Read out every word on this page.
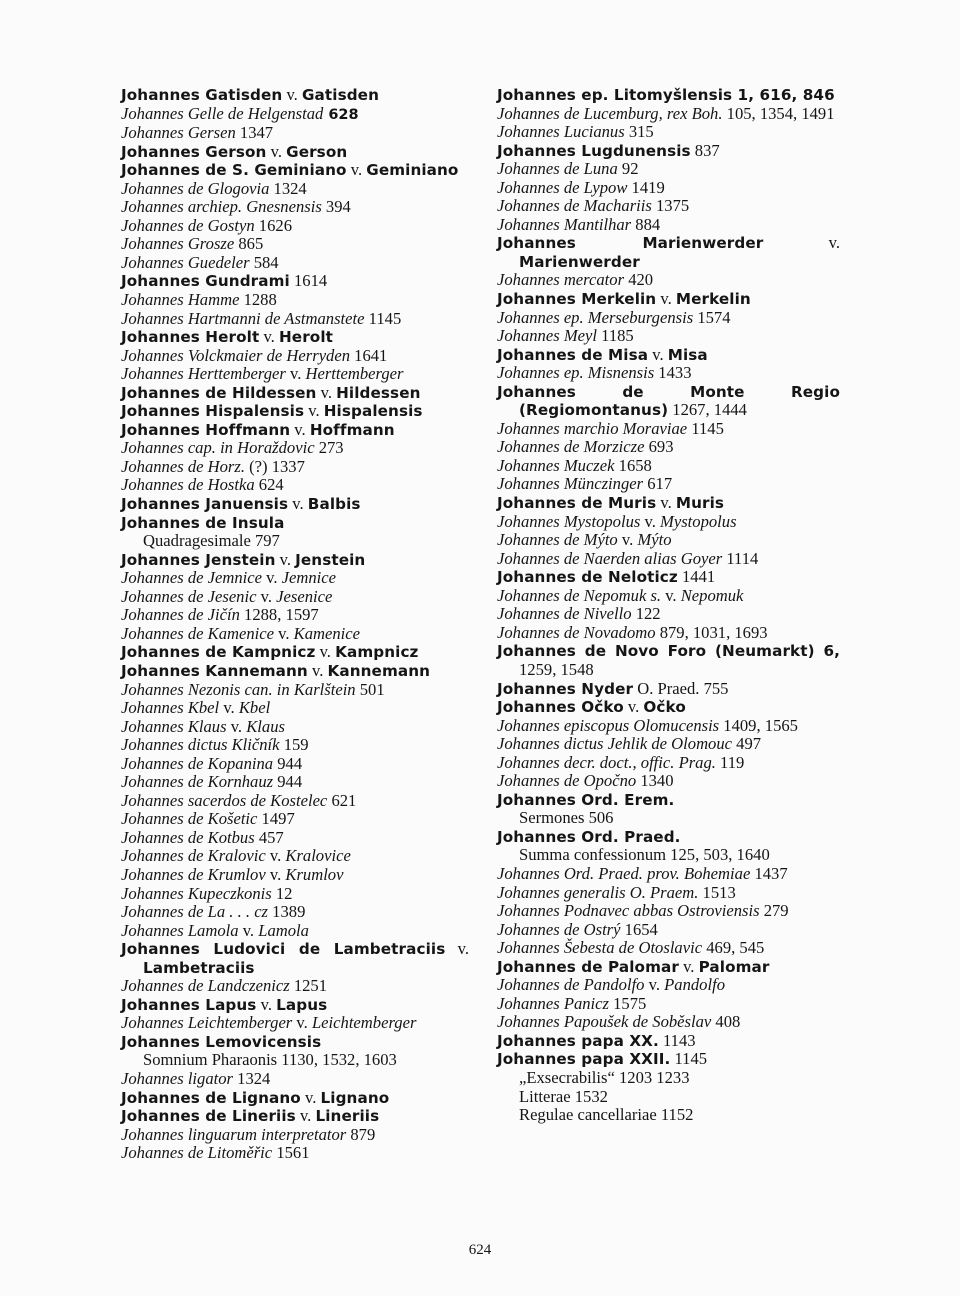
Johannes Gatisden v. Gatisden

Johannes Gelle de Helgenstad 628

Johannes Gersen 1347

Johannes Gerson v. Gerson

Johannes de S. Geminiano v. Geminiano

Johannes de Glogovia 1324

Johannes archiep. Gnesnensis 394

Johannes de Gostyn 1626

Johannes Grosze 865

Johannes Guedeler 584

Johannes Gundrami 1614

Johannes Hamme 1288

Johannes Hartmanni de Astmanstete 1145

Johannes Herolt v. Herolt

Johannes Volckmaier de Herryden 1641

Johannes Herttemberger v. Herttemberger

Johannes de Hildessen v. Hildessen

Johannes Hispalensis v. Hispalensis

Johannes Hoffmann v. Hoffmann

Johannes cap. in Horaždovic 273

Johannes de Horz. (?) 1337

Johannes de Hostka 624

Johannes Januensis v. Balbis

Johannes de Insula

Quadragesimale 797

Johannes Jenstein v. Jenstein

Johannes de Jemnice v. Jemnice

Johannes de Jesenic v. Jesenice

Johannes de Jičín 1288, 1597

Johannes de Kamenice v. Kamenice

Johannes de Kampnicz v. Kampnicz

Johannes Kannemann v. Kannemann

Johannes Nezonis can. in Karlštein 501

Johannes Kbel v. Kbel

Johannes Klaus v. Klaus

Johannes dictus Kličník 159

Johannes de Kopanina 944

Johannes de Kornhauz 944

Johannes sacerdos de Kostelec 621

Johannes de Košetic 1497

Johannes de Kotbus 457

Johannes de Kralovic v. Kralovice

Johannes de Krumlov v. Krumlov

Johannes Kupeczkonis 12

Johannes de La . . . cz 1389

Johannes Lamola v. Lamola

Johannes Ludovici de Lambetraciis v. Lambetraciis

Johannes de Landczenicz 1251

Johannes Lapus v. Lapus

Johannes Leichtemberger v. Leichtemberger

Johannes Lemovicensis

Somnium Pharaonis 1130, 1532, 1603

Johannes ligator 1324

Johannes de Lignano v. Lignano

Johannes de Lineriis v. Lineriis

Johannes linguarum interpretator 879

Johannes de Litoměřic 1561

Johannes ep. Litomyšlensis 1, 616, 846

Johannes de Lucemburg, rex Boh. 105, 1354, 1491

Johannes Lucianus 315

Johannes Lugdunensis 837

Johannes de Luna 92

Johannes de Lypow 1419

Johannes de Machariis 1375

Johannes Mantilhar 884

Johannes Marienwerder v. Marienwerder

Johannes mercator 420

Johannes Merkelin v. Merkelin

Johannes ep. Merseburgensis 1574

Johannes Meyl 1185

Johannes de Misa v. Misa

Johannes ep. Misnensis 1433

Johannes de Monte Regio (Regiomontanus) 1267, 1444

Johannes marchio Moraviae 1145

Johannes de Morzicze 693

Johannes Muczek 1658

Johannes Münczinger 617

Johannes de Muris v. Muris

Johannes Mystopolus v. Mystopolus

Johannes de Mýto v. Mýto

Johannes de Naerden alias Goyer 1114

Johannes de Neloticz 1441

Johannes de Nepomuk s. v. Nepomuk

Johannes de Nivello 122

Johannes de Novadomo 879, 1031, 1693

Johannes de Novo Foro (Neumarkt) 6, 1259, 1548

Johannes Nyder O. Praed. 755

Johannes Očko v. Očko

Johannes episcopus Olomucensis 1409, 1565

Johannes dictus Jehlik de Olomouc 497

Johannes decr. doct., offic. Prag. 119

Johannes de Opočno 1340

Johannes Ord. Erem.

Sermones 506

Johannes Ord. Praed.

Summa confessionum 125, 503, 1640

Johannes Ord. Praed. prov. Bohemiae 1437

Johannes generalis O. Praem. 1513

Johannes Podnavec abbas Ostroviensis 279

Johannes de Ostrý 1654

Johannes Šebesta de Otoslavic 469, 545

Johannes de Palomar v. Palomar

Johannes de Pandolfo v. Pandolfo

Johannes Panicz 1575

Johannes Papoušek de Soběslav 408

Johannes papa XX. 1143

Johannes papa XXII. 1145

„Exsecrabilis“ 1203 1233

Litterae 1532

Regulae cancellariae 1152

624
